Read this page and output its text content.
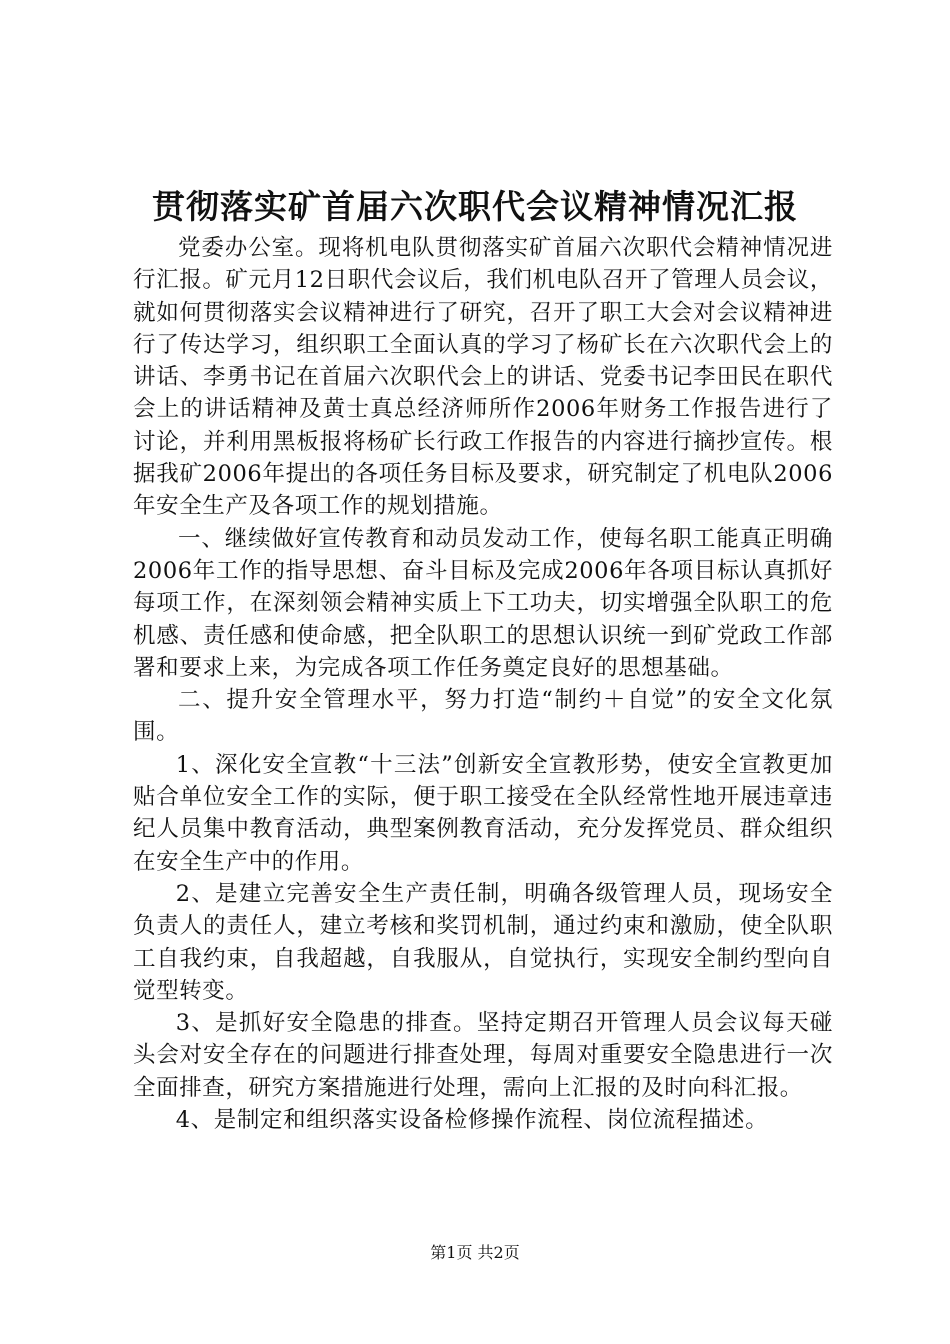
贯彻落实矿首届六次职代会议精神情况汇报

党委办公室。现将机电队贯彻落实矿首届六次职代会精神情况进行汇报。矿元月12日职代会议后，我们机电队召开了管理人员会议，就如何贯彻落实会议精神进行了研究，召开了职工大会对会议精神进行了传达学习，组织职工全面认真的学习了杨矿长在六次职代会上的讲话、李勇书记在首届六次职代会上的讲话、党委书记李田民在职代会上的讲话精神及黄士真总经济师所作2006年财务工作报告进行了讨论，并利用黑板报将杨矿长行政工作报告的内容进行摘抄宣传。根据我矿2006年提出的各项任务目标及要求，研究制定了机电队2006年安全生产及各项工作的规划措施。

一、继续做好宣传教育和动员发动工作，使每名职工能真正明确2006年工作的指导思想、奋斗目标及完成2006年各项目标认真抓好每项工作，在深刻领会精神实质上下工功夫，切实增强全队职工的危机感、责任感和使命感，把全队职工的思想认识统一到矿党政工作部署和要求上来，为完成各项工作任务奠定良好的思想基础。

二、提升安全管理水平，努力打造“制约＋自觉”的安全文化氛围。

1、深化安全宣教“十三法”创新安全宣教形势，使安全宣教更加贴合单位安全工作的实际，便于职工接受在全队经常性地开展违章违纪人员集中教育活动，典型案例教育活动，充分发挥党员、群众组织在安全生产中的作用。

2、是建立完善安全生产责任制，明确各级管理人员，现场安全负责人的责任人，建立考核和奖罚机制，通过约束和激励，使全队职工自我约束，自我超越，自我服从，自觉执行，实现安全制约型向自觉型转变。

3、是抓好安全隐患的排查。坚持定期召开管理人员会议每天碰头会对安全存在的问题进行排查处理，每周对重要安全隐患进行一次全面排查，研究方案措施进行处理，需向上汇报的及时向科汇报。

4、是制定和组织落实设备检修操作流程、岗位流程描述。

第1页 共2页
